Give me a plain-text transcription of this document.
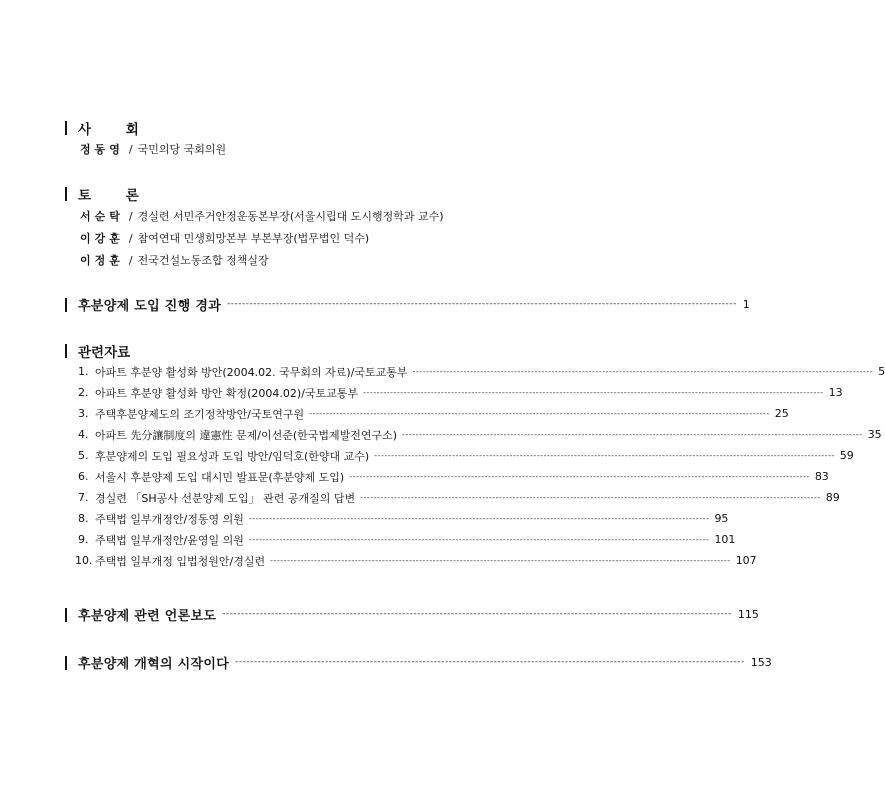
사 회
정동영 / 국민의당 국회의원
토 론
서순탁 / 경실련 서민주거안정운동본부장(서울시립대 도시행정학과 교수)
이강훈 / 참여연대 민생희망본부 부본부장(법무법인 덕수)
이정훈 / 전국건설노동조합 정책실장
후분양제 도입 진행 경과 ---------------------------------------------------------------------------------------------------------------------------------------- 1
관련자료
1. 아파트 후분양 활성화 방안(2004.02. 국무회의 자료)/국토교통부 ---------------------------------------------------------------------------------------------------------------------------------------- 5
2. 아파트 후분양 활성화 방안 확정(2004.02)/국토교통부 ---------------------------------------------------------------------------------------------------------------------------------------- 13
3. 주택후분양제도의 조기정착방안/국토연구원 ---------------------------------------------------------------------------------------------------------------------------------------- 25
4. 아파트 先分讓制度의 違憲性 문제/이선준(한국법제발전연구소) ---------------------------------------------------------------------------------------------------------------------------------------- 35
5. 후분양제의 도입 필요성과 도입 방안/임덕호(한양대 교수) ---------------------------------------------------------------------------------------------------------------------------------------- 59
6. 서울시 후분양제 도입 대시민 발표문(후분양제 도입) ---------------------------------------------------------------------------------------------------------------------------------------- 83
7. 경실련 「SH공사 선분양제 도입」 관련 공개질의 답변 ---------------------------------------------------------------------------------------------------------------------------------------- 89
8. 주택법 일부개정안/정동영 의원 ---------------------------------------------------------------------------------------------------------------------------------------- 95
9. 주택법 일부개정안/윤영일 의원 ---------------------------------------------------------------------------------------------------------------------------------------- 101
10. 주택법 일부개정 입법청원안/경실련 ---------------------------------------------------------------------------------------------------------------------------------------- 107
후분양제 관련 언론보도 ---------------------------------------------------------------------------------------------------------------------------------------- 115
후분양제 개혁의 시작이다 ---------------------------------------------------------------------------------------------------------------------------------------- 153
